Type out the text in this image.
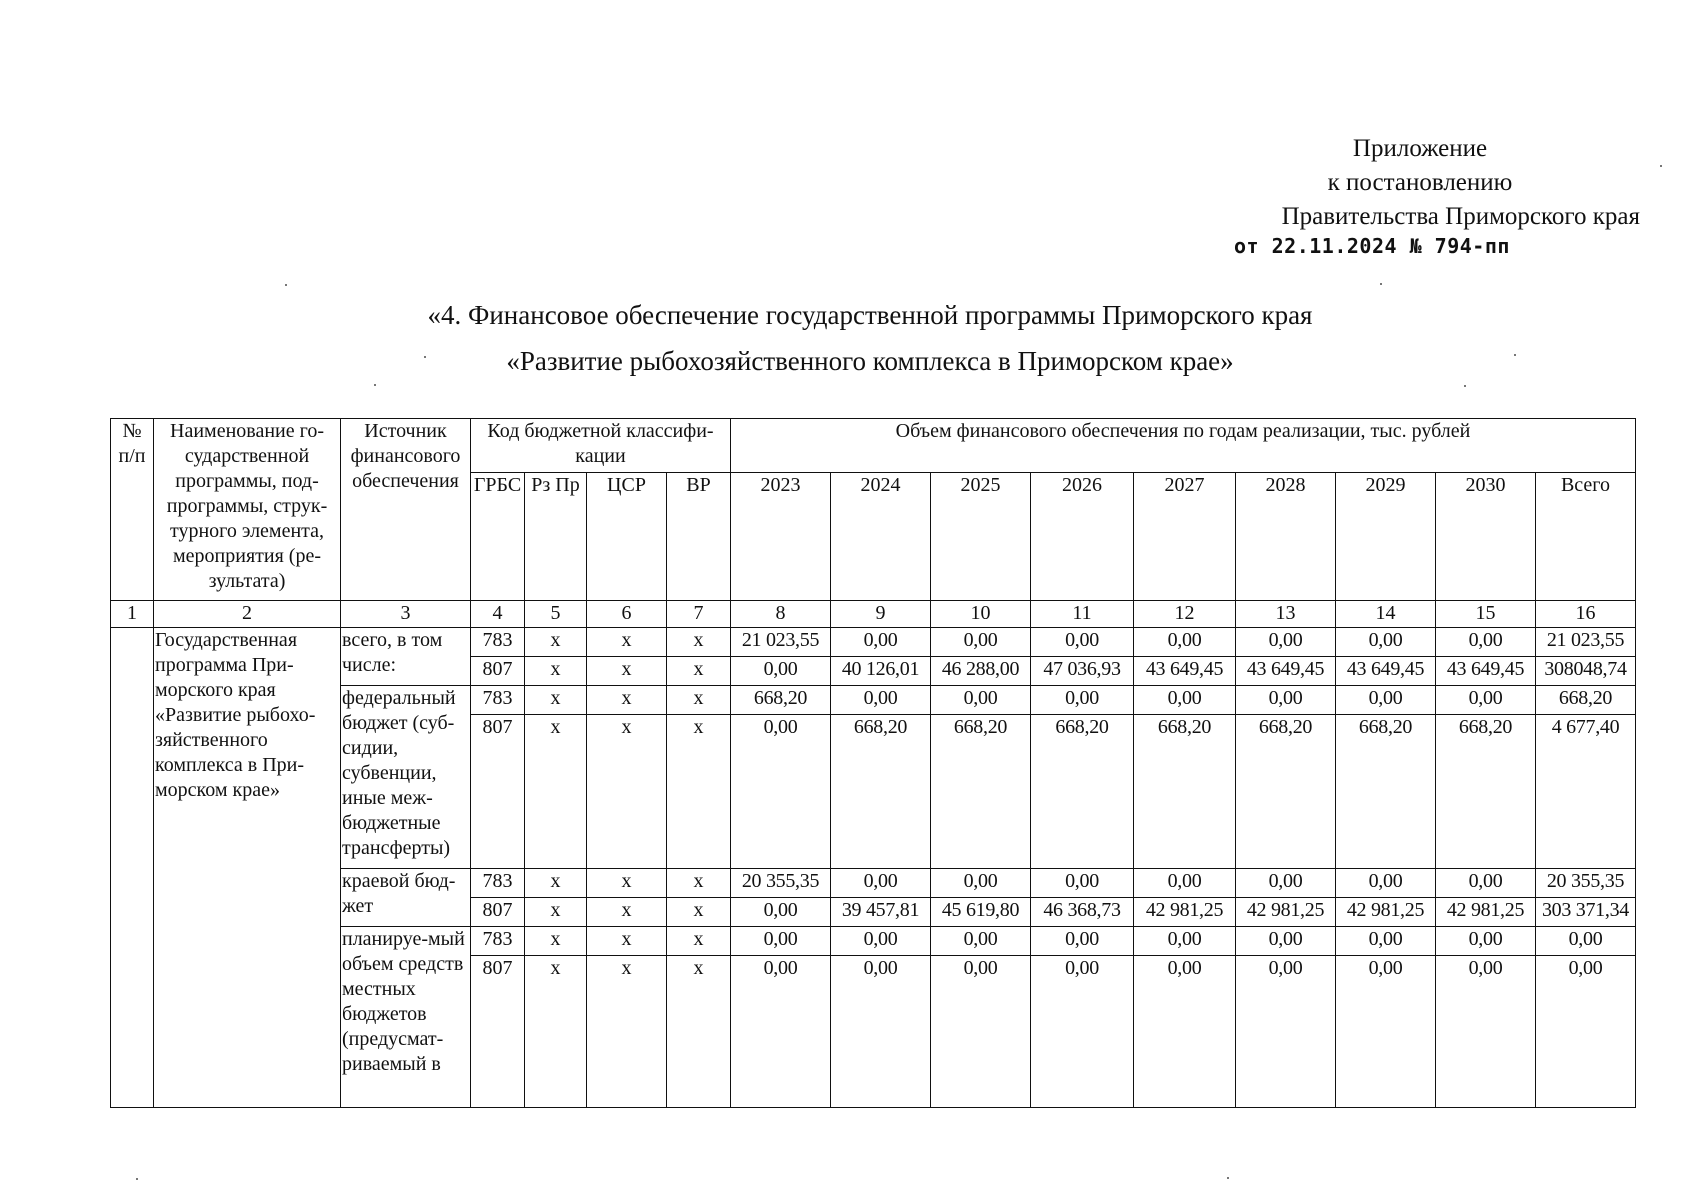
Приложение
к постановлению
Правительства Приморского края
от 22.11.2024 № 794-пп
«4. Финансовое обеспечение государственной программы Приморского края
«Развитие рыбохозяйственного комплекса в Приморском крае»
№ п/п	Наименование го-сударственной программы, под-программы, струк-турного элемента, мероприятия (ре-зультата)	Источник финансового обеспечения	Код бюджетной классифи-кации				Объем финансового обеспечения по годам реализации, тыс. рублей								
			ГРБС	Рз Пр	ЦСР	ВР	2023	2024	2025	2026	2027	2028	2029	2030	Всего
1	2	3	4	5	6	7	8	9	10	11	12	13	14	15	16
	Государственная программа При-морского края «Развитие рыбохо-зяйственного комплекса в При-морском крае»	всего, в том числе:	783	x	x	x	21 023,55	0,00	0,00	0,00	0,00	0,00	0,00	0,00	21 023,55
			807	x	x	x	0,00	40 126,01	46 288,00	47 036,93	43 649,45	43 649,45	43 649,45	43 649,45	308048,74
		федеральный бюджет (суб-сидии, субвенции, иные меж-бюджетные трансферты)	783	x	x	x	668,20	0,00	0,00	0,00	0,00	0,00	0,00	0,00	668,20
			807	x	x	x	0,00	668,20	668,20	668,20	668,20	668,20	668,20	668,20	4 677,40
		краевой бюд-жет	783	x	x	x	20 355,35	0,00	0,00	0,00	0,00	0,00	0,00	0,00	20 355,35
			807	x	x	x	0,00	39 457,81	45 619,80	46 368,73	42 981,25	42 981,25	42 981,25	42 981,25	303 371,34
		планируе-мый объем средств местных бюджетов (предусмат-риваемый в	783	x	x	x	0,00	0,00	0,00	0,00	0,00	0,00	0,00	0,00	0,00
			807	x	x	x	0,00	0,00	0,00	0,00	0,00	0,00	0,00	0,00	0,00
